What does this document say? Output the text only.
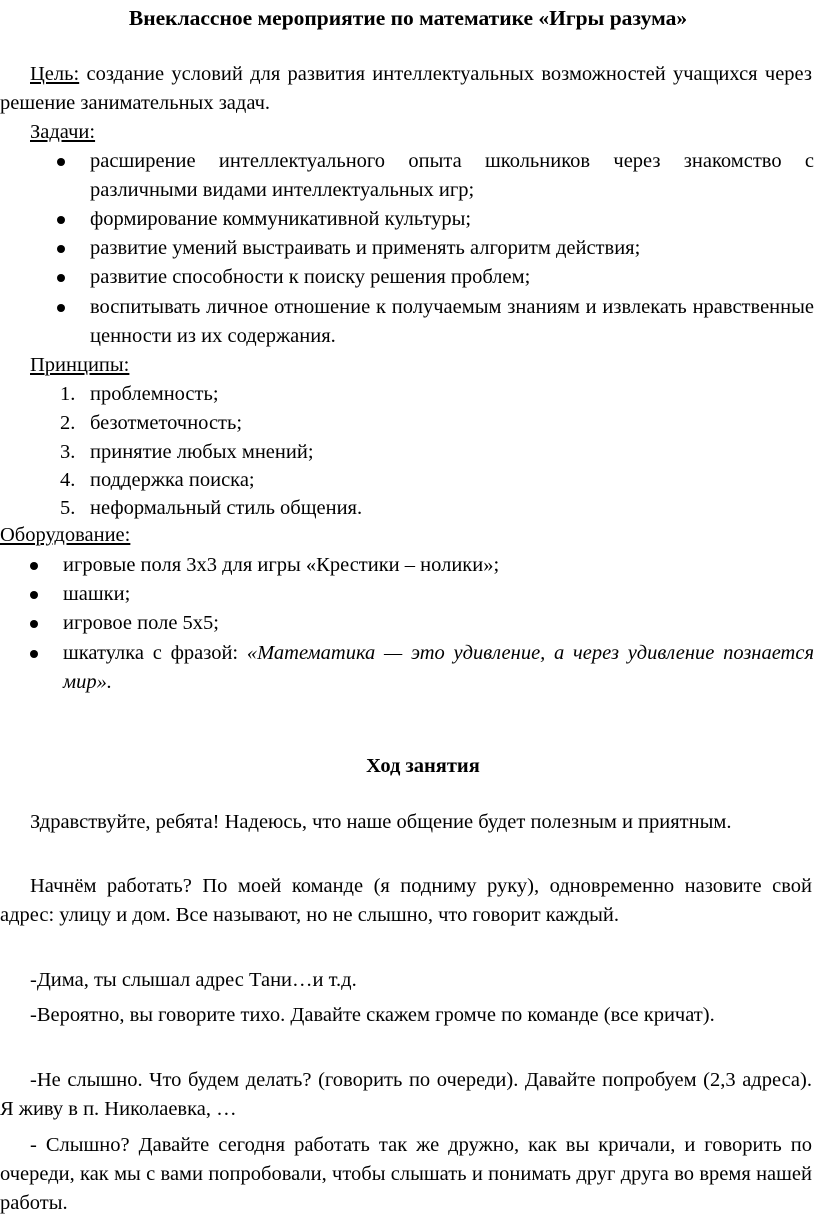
Внеклассное мероприятие по математике «Игры разума»
Цель: создание условий для развития интеллектуальных возможностей учащихся через решение занимательных задач.
Задачи:
расширение интеллектуального опыта школьников через знакомство с различными видами интеллектуальных игр;
формирование коммуникативной культуры;
развитие умений выстраивать и применять алгоритм действия;
развитие способности к поиску решения проблем;
воспитывать личное отношение к получаемым знаниям и извлекать нравственные ценности из их содержания.
Принципы:
1. проблемность;
2. безотметочность;
3. принятие любых мнений;
4. поддержка поиска;
5. неформальный стиль общения.
Оборудование:
игровые поля 3х3 для игры «Крестики – нолики»;
шашки;
игровое поле 5х5;
шкатулка с фразой: «Математика — это удивление, а через удивление познается мир».
Ход занятия
Здравствуйте, ребята! Надеюсь, что наше общение будет полезным и приятным.
Начнём работать? По моей команде (я подниму руку), одновременно назовите свой адрес: улицу и дом. Все называют, но не слышно, что говорит каждый.
-Дима, ты слышал адрес Тани…и т.д.
-Вероятно, вы говорите тихо. Давайте скажем громче по команде (все кричат).
-Не слышно. Что будем делать? (говорить по очереди). Давайте попробуем (2,3 адреса). Я живу в п. Николаевка, …
- Слышно? Давайте сегодня работать так же дружно, как вы кричали, и говорить по очереди, как мы с вами попробовали, чтобы слышать и понимать друг друга во время нашей работы.
